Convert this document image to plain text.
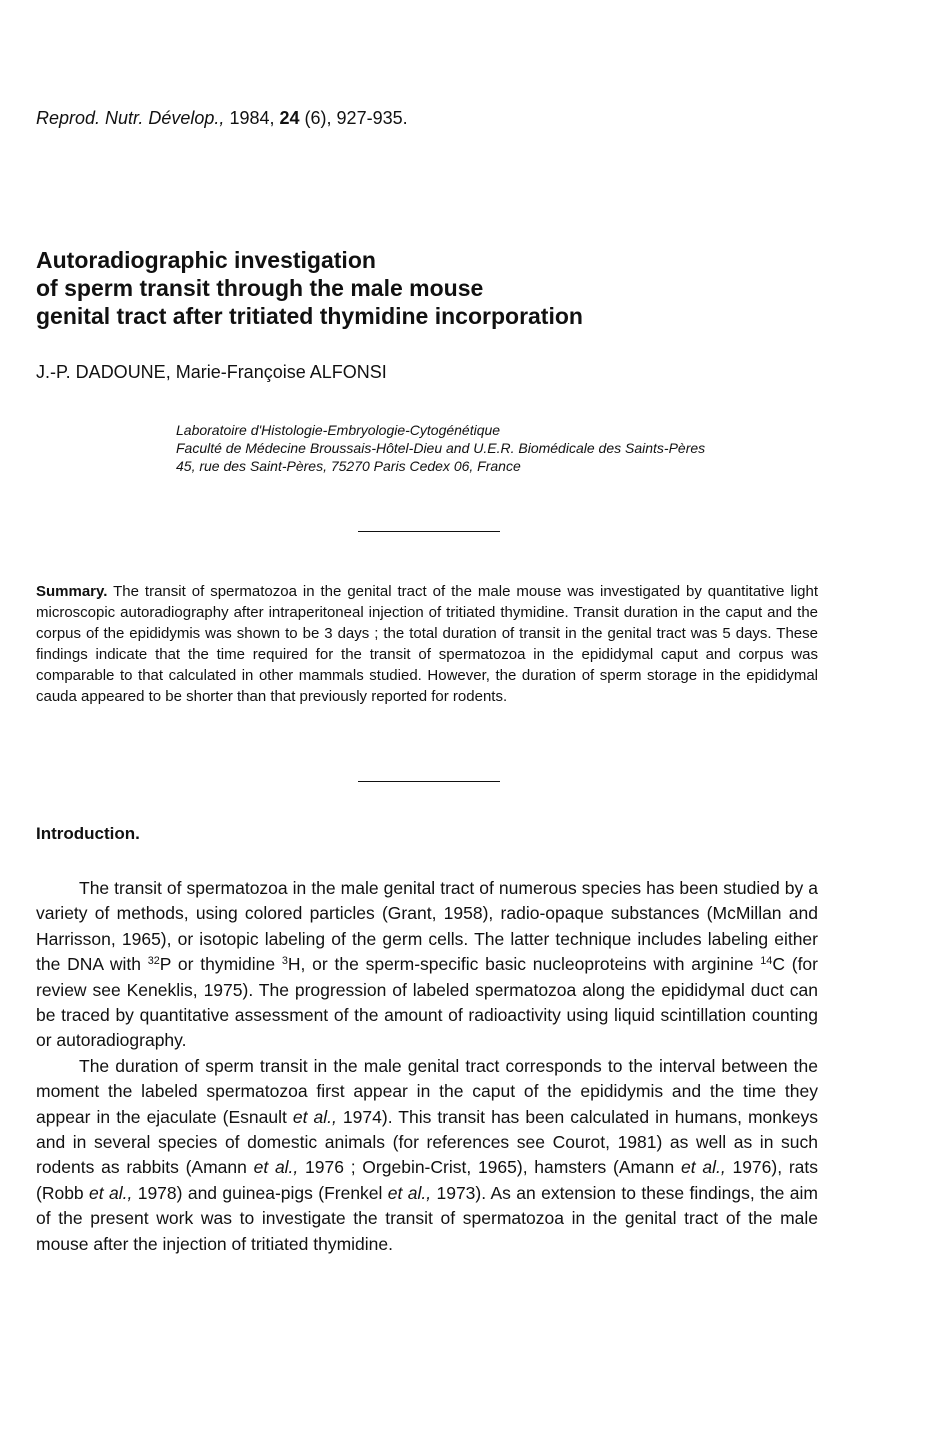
Reprod. Nutr. Dévelop., 1984, 24 (6), 927-935.
Autoradiographic investigation
of sperm transit through the male mouse
genital tract after tritiated thymidine incorporation
J.-P. DADOUNE, Marie-Françoise ALFONSI
Laboratoire d'Histologie-Embryologie-Cytogénétique
Faculté de Médecine Broussais-Hôtel-Dieu and U.E.R. Biomédicale des Saints-Pères
45, rue des Saint-Pères, 75270 Paris Cedex 06, France
Summary. The transit of spermatozoa in the genital tract of the male mouse was investigated by quantitative light microscopic autoradiography after intraperitoneal injection of tritiated thymidine. Transit duration in the caput and the corpus of the epididymis was shown to be 3 days ; the total duration of transit in the genital tract was 5 days. These findings indicate that the time required for the transit of spermatozoa in the epididymal caput and corpus was comparable to that calculated in other mammals studied. However, the duration of sperm storage in the epididymal cauda appeared to be shorter than that previously reported for rodents.
Introduction.

The transit of spermatozoa in the male genital tract of numerous species has been studied by a variety of methods, using colored particles (Grant, 1958), radio-opaque substances (McMillan and Harrisson, 1965), or isotopic labeling of the germ cells. The latter technique includes labeling either the DNA with $^{32}$P or thymidine $^3$H, or the sperm-specific basic nucleoproteins with arginine $^{14}$C (for review see Keneklis, 1975). The progression of labeled spermatozoa along the epididymal duct can be traced by quantitative assessment of the amount of radioactivity using liquid scintillation counting or autoradiography.

The duration of sperm transit in the male genital tract corresponds to the interval between the moment the labeled spermatozoa first appear in the caput of the epididymis and the time they appear in the ejaculate (Esnault et al., 1974). This transit has been calculated in humans, monkeys and in several species of domestic animals (for references see Courot, 1981) as well as in such rodents as rabbits (Amann et al., 1976 ; Orgebin-Crist, 1965), hamsters (Amann et al., 1976), rats (Robb et al., 1978) and guinea-pigs (Frenkel et al., 1973). As an extension to these findings, the aim of the present work was to investigate the transit of spermatozoa in the genital tract of the male mouse after the injection of tritiated thymidine.
